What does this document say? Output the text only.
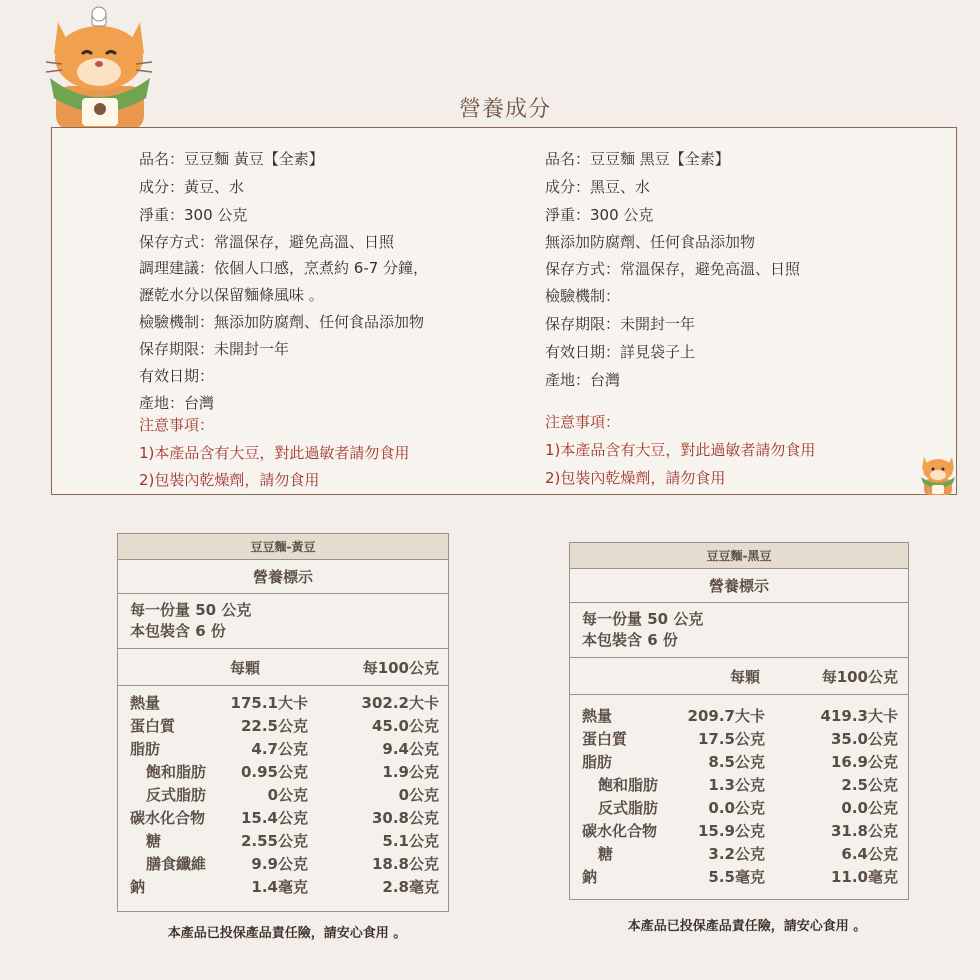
營養成分
品名：豆豆麵 黃豆【全素】
成分：黃豆、水
淨重：300 公克
保存方式：常溫保存，避免高溫、日照
調理建議：依個人口感，烹煮約 6-7 分鐘，
瀝乾水分以保留麵條風味 。
檢驗機制：無添加防腐劑、任何食品添加物
保存期限：未開封一年
有效日期：
產地：台灣
注意事項：
1)本產品含有大豆，對此過敏者請勿食用
2)包裝內乾燥劑，請勿食用
品名：豆豆麵 黑豆【全素】
成分：黑豆、水
淨重：300 公克
無添加防腐劑、任何食品添加物
保存方式：常溫保存，避免高溫、日照
檢驗機制：
保存期限：未開封一年
有效日期：詳見袋子上
產地：台灣
注意事項：
1)本產品含有大豆，對此過敏者請勿食用
2)包裝內乾燥劑，請勿食用
豆豆麵-黃豆
營養標示
每一份量 50 公克
本包裝含 6 份
每顆	每100公克
熱量	175.1大卡	302.2大卡
蛋白質	22.5公克	45.0公克
脂肪	4.7公克	9.4公克
飽和脂肪 0.95公克	1.9公克
反式脂肪	0公克	0公克
碳水化合物 15.4公克	30.8公克
糖	2.55公克	5.1公克
膳食纖維	9.9公克	18.8公克
鈉	1.4毫克	2.8毫克
本產品已投保產品責任險，請安心食用 。
豆豆麵-黑豆
營養標示
每一份量 50 公克
本包裝含 6 份
每顆	每100公克
熱量	209.7大卡	419.3大卡
蛋白質	17.5公克	35.0公克
脂肪	8.5公克	16.9公克
飽和脂肪	1.3公克	2.5公克
反式脂肪	0.0公克	0.0公克
碳水化合物	15.9公克	31.8公克
糖	3.2公克	6.4公克
鈉	5.5毫克	11.0毫克
本產品已投保產品責任險，請安心食用 。
